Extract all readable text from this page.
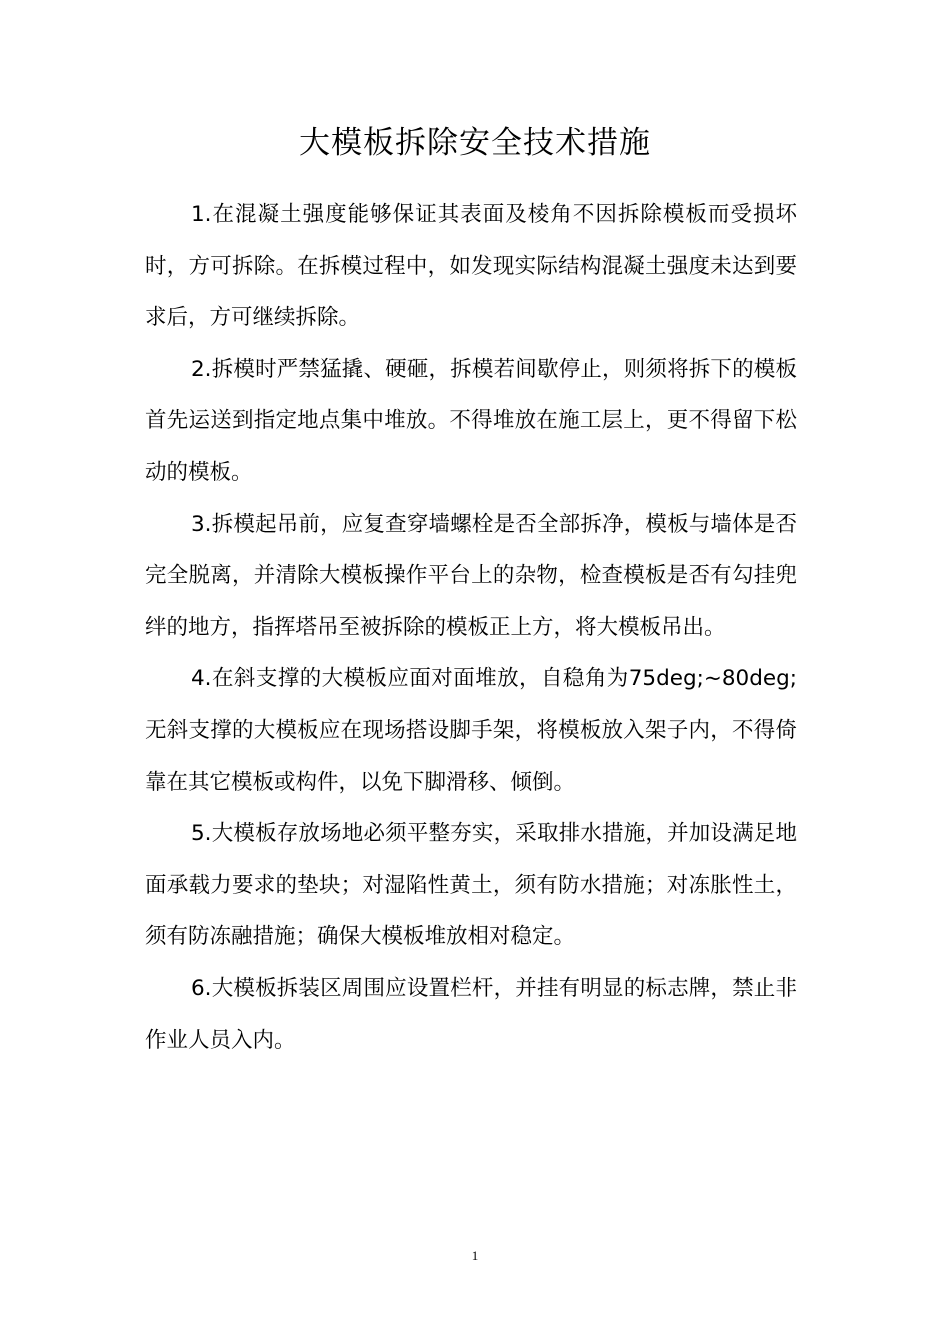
大模板拆除安全技术措施

1.在混凝土强度能够保证其表面及棱角不因拆除模板而受损坏时，方可拆除。在拆模过程中，如发现实际结构混凝土强度未达到要求后，方可继续拆除。

2.拆模时严禁猛撬、硬砸，拆模若间歇停止，则须将拆下的模板首先运送到指定地点集中堆放。不得堆放在施工层上，更不得留下松动的模板。

3.拆模起吊前，应复查穿墙螺栓是否全部拆净，模板与墙体是否完全脱离，并清除大模板操作平台上的杂物，检查模板是否有勾挂兜绊的地方，指挥塔吊至被拆除的模板正上方，将大模板吊出。

4.在斜支撑的大模板应面对面堆放，自稳角为75deg;~80deg;无斜支撑的大模板应在现场搭设脚手架，将模板放入架子内，不得倚靠在其它模板或构件，以免下脚滑移、倾倒。

5.大模板存放场地必须平整夯实，采取排水措施，并加设满足地面承载力要求的垫块；对湿陷性黄土，须有防水措施；对冻胀性土，须有防冻融措施；确保大模板堆放相对稳定。

6.大模板拆装区周围应设置栏杆，并挂有明显的标志牌，禁止非作业人员入内。

1
